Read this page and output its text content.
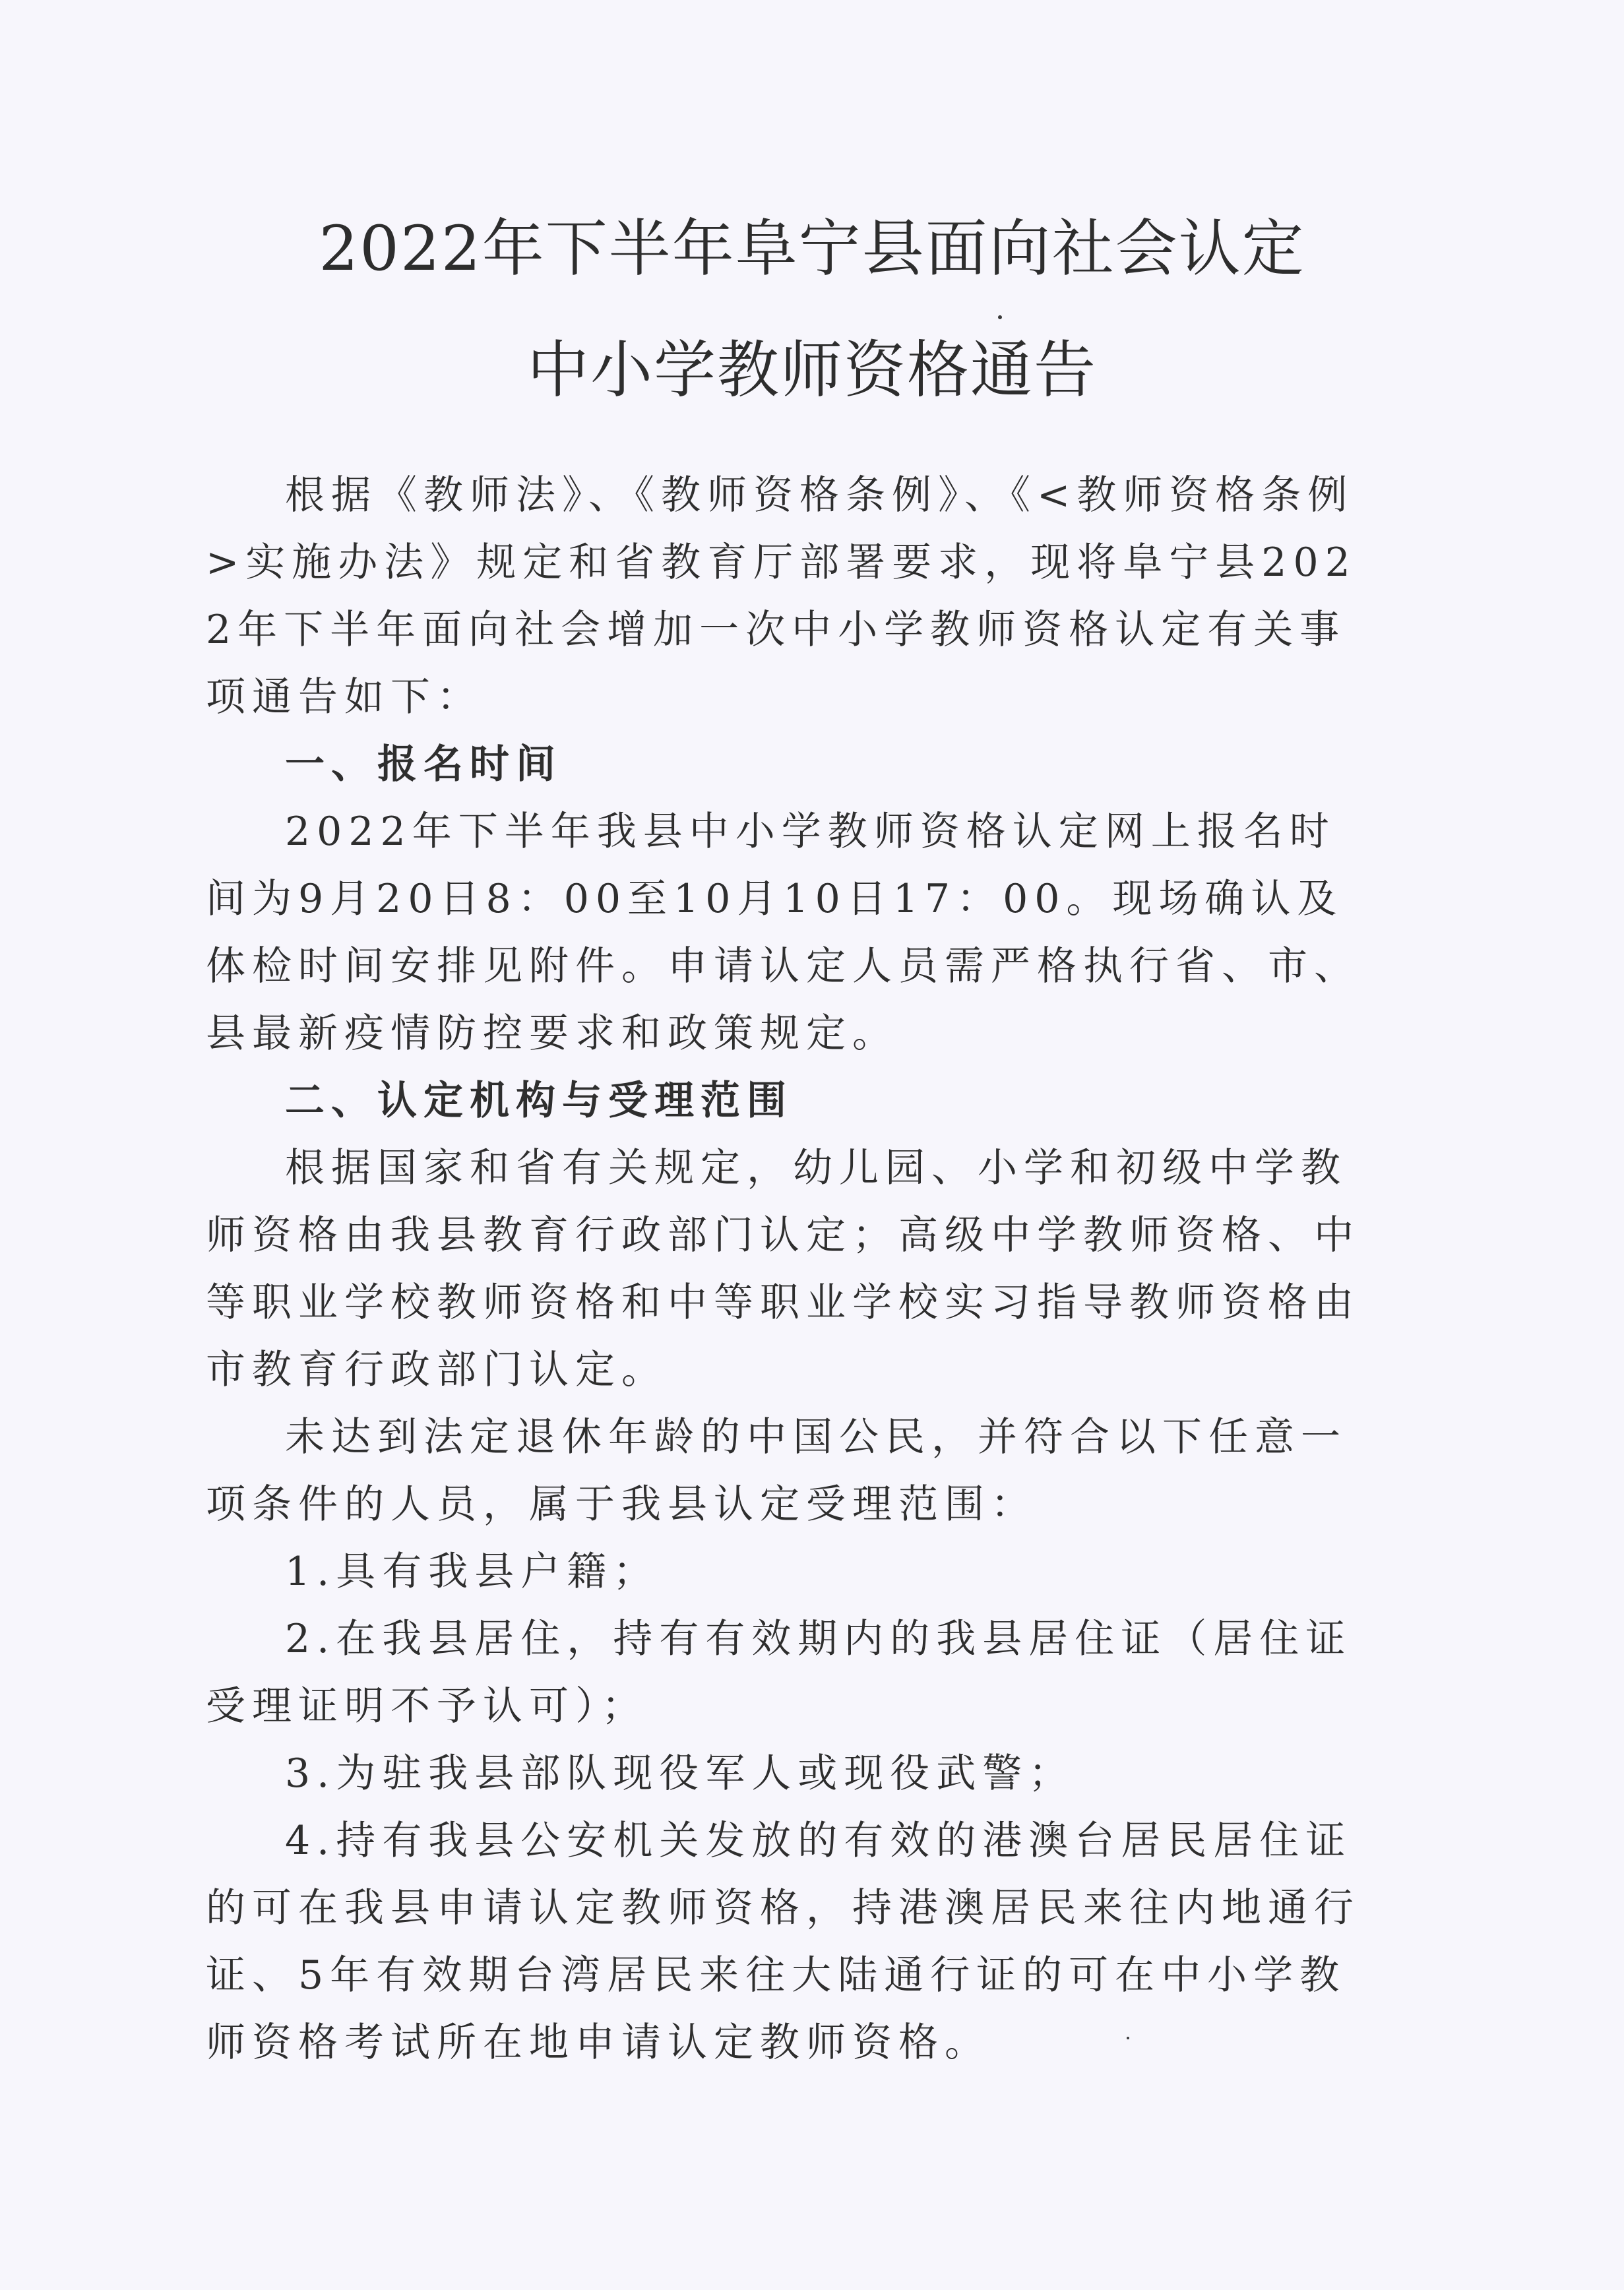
2022年下半年阜宁县面向社会认定
中小学教师资格通告

根据《教师法》、《教师资格条例》、《<教师资格条例>实施办法》规定和省教育厅部署要求，现将阜宁县2022年下半年面向社会增加一次中小学教师资格认定有关事项通告如下：

一、报名时间

2022年下半年我县中小学教师资格认定网上报名时间为9月20日8：00至10月10日17：00。现场确认及体检时间安排见附件。申请认定人员需严格执行省、市、县最新疫情防控要求和政策规定。

二、认定机构与受理范围

根据国家和省有关规定，幼儿园、小学和初级中学教师资格由我县教育行政部门认定；高级中学教师资格、中等职业学校教师资格和中等职业学校实习指导教师资格由市教育行政部门认定。

未达到法定退休年龄的中国公民，并符合以下任意一项条件的人员，属于我县认定受理范围：

1.具有我县户籍；

2.在我县居住，持有有效期内的我县居住证（居住证受理证明不予认可）；

3.为驻我县部队现役军人或现役武警；

4.持有我县公安机关发放的有效的港澳台居民居住证的可在我县申请认定教师资格，持港澳居民来往内地通行证、5年有效期台湾居民来往大陆通行证的可在中小学教师资格考试所在地申请认定教师资格。
